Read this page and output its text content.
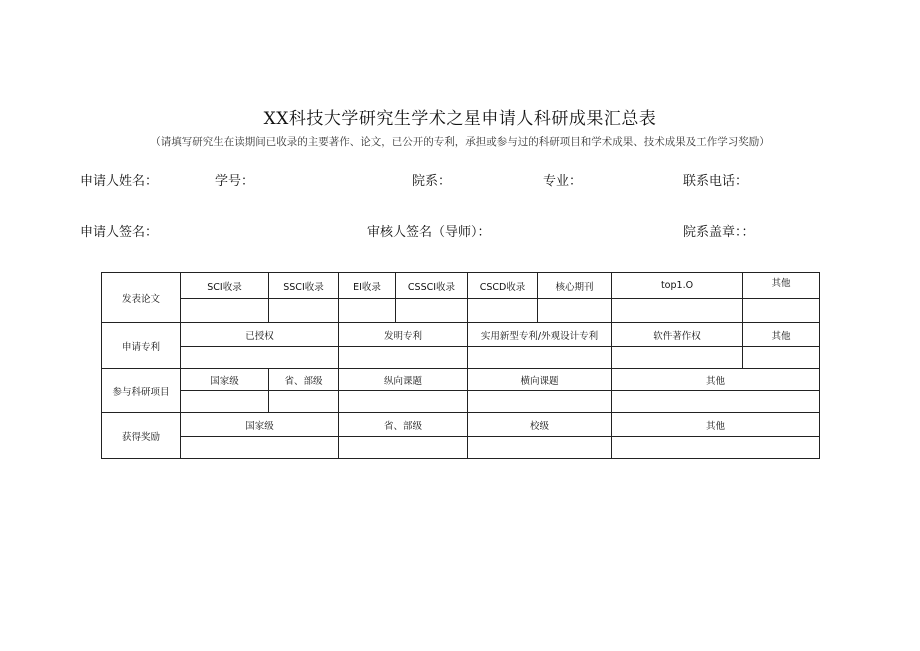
XX科技大学研究生学术之星申请人科研成果汇总表
（请填写研究生在读期间已收录的主要著作、论文，已公开的专利，承担或参与过的科研项目和学术成果、技术成果及工作学习奖励）
申请人姓名：	学号：	院系：	专业：	联系电话：
申请人签名：	审核人签名（导师）：	院系盖章：：
发表论文	SCI收录	SSCI收录	EI收录	CSSCI收录	CSCD收录	核心期刊	top1.O	其他

申请专利	已授权		发明专利		实用新型专利/外观设计专利		软件著作权	其他

参与科研项目	国家级	省、部级	纵向课题		横向课题		其他	

获得奖励	国家级		省、部级		校级		其他	
